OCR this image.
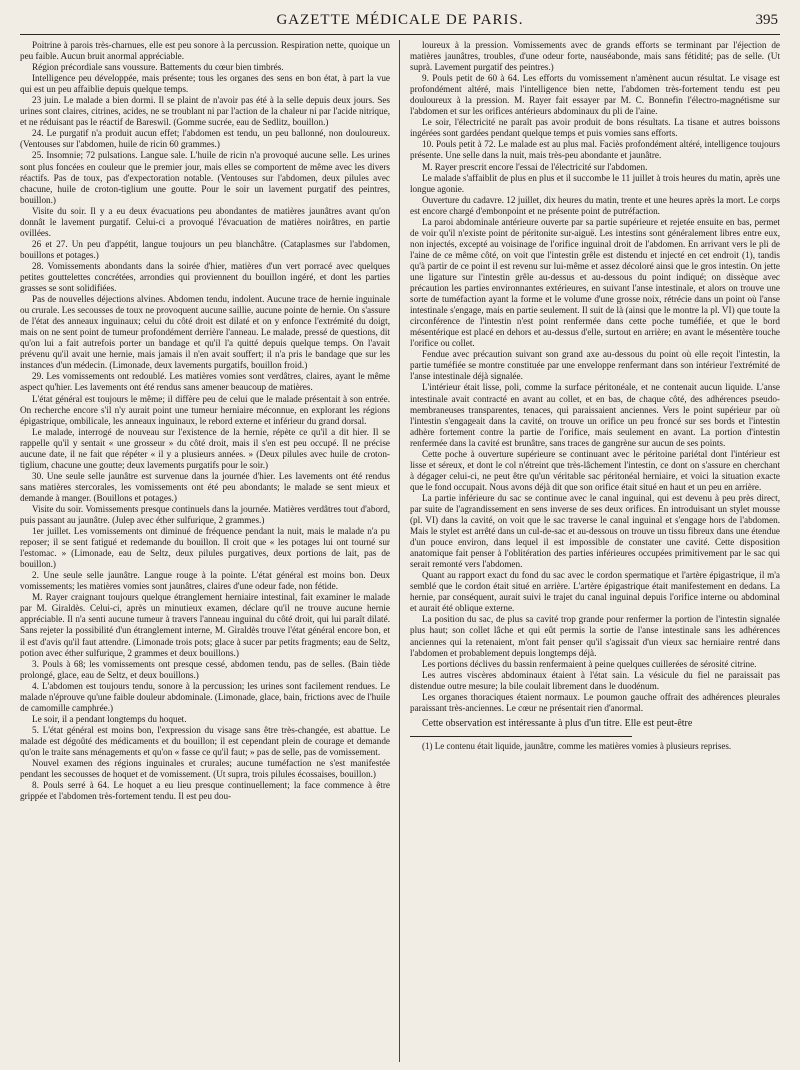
GAZETTE MÉDICALE DE PARIS.	395

Poitrine à parois très-charnues, elle est peu sonore à la percussion. Respiration nette, quoique un peu faible. Aucun bruit anormal appréciable.

Région précordiale sans voussure. Battements du cœur bien timbrés.

Intelligence peu développée, mais présente; tous les organes des sens en bon état, à part la vue qui est un peu affaiblie depuis quelque temps.

23 juin. Le malade a bien dormi. Il se plaint de n'avoir pas été à la selle depuis deux jours. Ses urines sont claires, citrines, acides, ne se troublant ni par l'action de la chaleur ni par l'acide nitrique, et ne réduisant pas le réactif de Bareswil. (Gomme sucrée, eau de Sedlitz, bouillon.)

24. Le purgatif n'a produit aucun effet; l'abdomen est tendu, un peu ballonné, non douloureux. (Ventouses sur l'abdomen, huile de ricin 60 grammes.)

25. Insomnie; 72 pulsations. Langue sale. L'huile de ricin n'a provoqué aucune selle. Les urines sont plus foncées en couleur que le premier jour, mais elles se comportent de même avec les divers réactifs. Pas de toux, pas d'expectoration notable. (Ventouses sur l'abdomen, deux pilules avec chacune, huile de croton-tiglium une goutte. Pour le soir un lavement purgatif des peintres, bouillon.)

Visite du soir. Il y a eu deux évacuations peu abondantes de matières jaunâtres avant qu'on donnât le lavement purgatif. Celui-ci a provoqué l'évacuation de matières noirâtres, en partie ovillées.

26 et 27. Un peu d'appétit, langue toujours un peu blanchâtre. (Cataplasmes sur l'abdomen, bouillons et potages.)

28. Vomissements abondants dans la soirée d'hier, matières d'un vert porracé avec quelques petites gouttelettes concrétées, arrondies qui proviennent du bouillon ingéré, et dont les parties grasses se sont solidifiées.

Pas de nouvelles déjections alvines. Abdomen tendu, indolent. Aucune trace de hernie inguinale ou crurale. Les secousses de toux ne provoquent aucune saillie, aucune pointe de hernie. On s'assure de l'état des anneaux inguinaux; celui du côté droit est dilaté et on y enfonce l'extrémité du doigt, mais on ne sent point de tumeur profondément derrière l'anneau. Le malade, pressé de questions, dit qu'on lui a fait autrefois porter un bandage et qu'il l'a quitté depuis quelque temps. On l'avait prévenu qu'il avait une hernie, mais jamais il n'en avait souffert; il n'a pris le bandage que sur les instances d'un médecin. (Limonade, deux lavements purgatifs, bouillon froid.)

29. Les vomissements ont redoublé. Les matières vomies sont verdâtres, claires, ayant le même aspect qu'hier. Les lavements ont été rendus sans amener beaucoup de matières.

L'état général est toujours le même; il diffère peu de celui que le malade présentait à son entrée. On recherche encore s'il n'y aurait point une tumeur herniaire méconnue, en explorant les régions épigastrique, ombilicale, les anneaux inguinaux, le rebord externe et inférieur du grand dorsal.

Le malade, interrogé de nouveau sur l'existence de la hernie, répète ce qu'il a dit hier. Il se rappelle qu'il y sentait « une grosseur » du côté droit, mais il s'en est peu occupé. Il ne précise aucune date, il ne fait que répéter « il y a plusieurs années. » (Deux pilules avec huile de croton-tiglium, chacune une goutte; deux lavements purgatifs pour le soir.)

30. Une seule selle jaunâtre est survenue dans la journée d'hier. Les lavements ont été rendus sans matières stercorales, les vomissements ont été peu abondants; le malade se sent mieux et demande à manger. (Bouillons et potages.)

Visite du soir. Vomissements presque continuels dans la journée. Matières verdâtres tout d'abord, puis passant au jaunâtre. (Julep avec éther sulfurique, 2 grammes.)

1er juillet. Les vomissements ont diminué de fréquence pendant la nuit, mais le malade n'a pu reposer; il se sent fatigué et redemande du bouillon. Il croit que « les potages lui ont tourné sur l'estomac. » (Limonade, eau de Seltz, deux pilules purgatives, deux portions de lait, pas de bouillon.)

2. Une seule selle jaunâtre. Langue rouge à la pointe. L'état général est moins bon. Deux vomissements; les matières vomies sont jaunâtres, claires d'une odeur fade, non fétide.

M. Rayer craignant toujours quelque étranglement herniaire intestinal, fait examiner le malade par M. Giraldès. Celui-ci, après un minutieux examen, déclare qu'il ne trouve aucune hernie appréciable. Il n'a senti aucune tumeur à travers l'anneau inguinal du côté droit, qui lui paraît dilaté. Sans rejeter la possibilité d'un étranglement interne, M. Giraldès trouve l'état général encore bon, et il est d'avis qu'il faut attendre. (Limonade trois pots; glace à sucer par petits fragments; eau de Seltz, potion avec éther sulfurique, 2 grammes et deux bouillons.)

3. Pouls à 68; les vomissements ont presque cessé, abdomen tendu, pas de selles. (Bain tiède prolongé, glace, eau de Seltz, et deux bouillons.)

4. L'abdomen est toujours tendu, sonore à la percussion; les urines sont facilement rendues. Le malade n'éprouve qu'une faible douleur abdominale. (Limonade, glace, bain, frictions avec de l'huile de camomille camphrée.)

Le soir, il a pendant longtemps du hoquet.

5. L'état général est moins bon, l'expression du visage sans être très-changée, est abattue. Le malade est dégoûté des médicaments et du bouillon; il est cependant plein de courage et demande qu'on le traite sans ménagements et qu'on « fasse ce qu'il faut; » pas de selle, pas de vomissement.

Nouvel examen des régions inguinales et crurales; aucune tuméfaction ne s'est manifestée pendant les secousses de hoquet et de vomissement. (Ut supra, trois pilules écossaises, bouillon.)

8. Pouls serré à 64. Le hoquet a eu lieu presque continuellement; la face commence à être grippée et l'abdomen très-fortement tendu. Il est peu dou-

loureux à la pression. Vomissements avec de grands efforts se terminant par l'éjection de matières jaunâtres, troubles, d'une odeur forte, nauséabonde, mais sans fétidité; pas de selle. (Ut suprà. Lavement purgatif des peintres.)

9. Pouls petit de 60 à 64. Les efforts du vomissement n'amènent aucun résultat. Le visage est profondément altéré, mais l'intelligence bien nette, l'abdomen très-fortement tendu est peu douloureux à la pression. M. Rayer fait essayer par M. C. Bonnefin l'électro-magnétisme sur l'abdomen et sur les orifices antérieurs abdominaux du pli de l'aine.

Le soir, l'électricité ne paraît pas avoir produit de bons résultats. La tisane et autres boissons ingérées sont gardées pendant quelque temps et puis vomies sans efforts.

10. Pouls petit à 72. Le malade est au plus mal. Faciès profondément altéré, intelligence toujours présente. Une selle dans la nuit, mais très-peu abondante et jaunâtre.

M. Rayer prescrit encore l'essai de l'électricité sur l'abdomen.

Le malade s'affaiblit de plus en plus et il succombe le 11 juillet à trois heures du matin, après une longue agonie.

Ouverture du cadavre. 12 juillet, dix heures du matin, trente et une heures après la mort. Le corps est encore chargé d'embonpoint et ne présente point de putréfaction.

La paroi abdominale antérieure ouverte par sa partie supérieure et rejetée ensuite en bas, permet de voir qu'il n'existe point de péritonite sur-aiguë. Les intestins sont généralement libres entre eux, non injectés, excepté au voisinage de l'orifice inguinal droit de l'abdomen. En arrivant vers le pli de l'aine de ce même côté, on voit que l'intestin grêle est distendu et injecté en cet endroit (1), tandis qu'à partir de ce point il est revenu sur lui-même et assez décoloré ainsi que le gros intestin. On jette une ligature sur l'intestin grêle au-dessus et au-dessous du point indiqué; on dissèque avec précaution les parties environnantes extérieures, en suivant l'anse intestinale, et alors on trouve une sorte de tuméfaction ayant la forme et le volume d'une grosse noix, rétrécie dans un point où l'anse intestinale s'engage, mais en partie seulement. Il suit de là (ainsi que le montre la pl. VI) que toute la circonférence de l'intestin n'est point renfermée dans cette poche tuméfiée, et que le bord mésentérique est placé en dehors et au-dessus d'elle, surtout en arrière; en avant le mésentère touche l'orifice ou collet.

Fendue avec précaution suivant son grand axe au-dessous du point où elle reçoit l'intestin, la partie tuméfiée se montre constituée par une enveloppe renfermant dans son intérieur l'extrémité de l'anse intestinale déjà signalée.

L'intérieur était lisse, poli, comme la surface péritonéale, et ne contenait aucun liquide. L'anse intestinale avait contracté en avant au collet, et en bas, de chaque côté, des adhérences pseudo-membraneuses transparentes, tenaces, qui paraissaient anciennes. Vers le point supérieur par où l'intestin s'engageait dans la cavité, on trouve un orifice un peu froncé sur ses bords et l'intestin adhère fortement contre la partie de l'orifice, mais seulement en avant. La portion d'intestin renfermée dans la cavité est brunâtre, sans traces de gangrène sur aucun de ses points.

Cette poche à ouverture supérieure se continuant avec le péritoine pariétal dont l'intérieur est lisse et séreux, et dont le col n'étreint que très-lâchement l'intestin, ce dont on s'assure en cherchant à dégager celui-ci, ne peut être qu'un véritable sac péritonéal herniaire, et voici la situation exacte que le fond occupait. Nous avons déjà dit que son orifice était situé en haut et un peu en arrière.

La partie inférieure du sac se continue avec le canal inguinal, qui est devenu à peu près direct, par suite de l'agrandissement en sens inverse de ses deux orifices. En introduisant un stylet mousse (pl. VI) dans la cavité, on voit que le sac traverse le canal inguinal et s'engage hors de l'abdomen. Mais le stylet est arrêté dans un cul-de-sac et au-dessous on trouve un tissu fibreux dans une étendue d'un pouce environ, dans lequel il est impossible de constater une cavité. Cette disposition anatomique fait penser à l'oblitération des parties inférieures occupées primitivement par le sac qui serait remonté vers l'abdomen.

Quant au rapport exact du fond du sac avec le cordon spermatique et l'artère épigastrique, il m'a semblé que le cordon était situé en arrière. L'artère épigastrique était manifestement en dedans. La hernie, par conséquent, aurait suivi le trajet du canal inguinal depuis l'orifice interne ou abdominal et aurait été oblique externe.

La position du sac, de plus sa cavité trop grande pour renfermer la portion de l'intestin signalée plus haut; son collet lâche et qui eût permis la sortie de l'anse intestinale sans les adhérences anciennes qui la retenaient, m'ont fait penser qu'il s'agissait d'un vieux sac herniaire rentré dans l'abdomen et probablement depuis longtemps déjà.

Les portions déclives du bassin renfermaient à peine quelques cuillerées de sérosité citrine.

Les autres viscères abdominaux étaient à l'état sain. La vésicule du fiel ne paraissait pas distendue outre mesure; la bile coulait librement dans le duodénum.

Les organes thoraciques étaient normaux. Le poumon gauche offrait des adhérences pleurales paraissant très-anciennes. Le cœur ne présentait rien d'anormal.

Cette observation est intéressante à plus d'un titre. Elle est peut-être

(1) Le contenu était liquide, jaunâtre, comme les matières vomies à plusieurs reprises.
